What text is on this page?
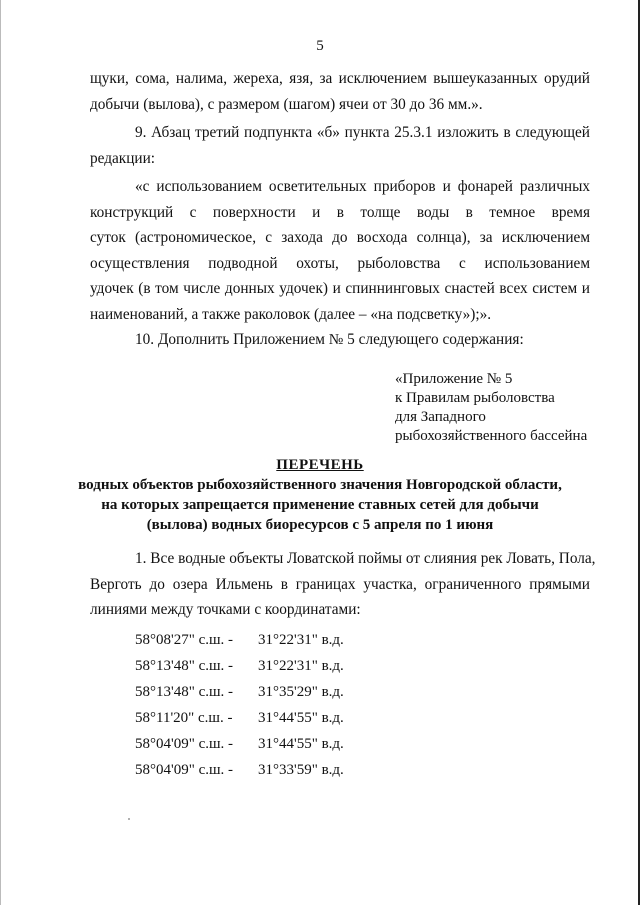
5

щуки, сома, налима, жереха, язя, за исключением вышеуказанных орудий

добычи (вылова), с размером (шагом) ячеи от 30 до 36 мм.».

9. Абзац третий подпункта «б» пункта 25.3.1 изложить в следующей

редакции:

«с использованием осветительных приборов и фонарей различных

конструкций с поверхности и в толще воды в темное время

суток (астрономическое, с захода до восхода солнца), за исключением

осуществления подводной охоты, рыболовства с использованием

удочек (в том числе донных удочек) и спиннинговых снастей всех систем и

наименований, а также раколовок (далее – «на подсветку»);».

10. Дополнить Приложением № 5 следующего содержания:

«Приложение № 5
к Правилам рыболовства
для Западного
рыбохозяйственного бассейна
ПЕРЕЧЕНЬ
водных объектов рыбохозяйственного значения Новгородской области,
на которых запрещается применение ставных сетей для добычи
(вылова) водных биоресурсов с 5 апреля по 1 июня

1. Все водные объекты Ловатской поймы от слияния рек Ловать, Пола,

Верготь до озера Ильмень в границах участка, ограниченного прямыми

линиями между точками с координатами:

58°08'27" с.ш. - 31°22'31" в.д.
58°13'48" с.ш. - 31°22'31" в.д.
58°13'48" с.ш. - 31°35'29" в.д.
58°11'20" с.ш. - 31°44'55" в.д.
58°04'09" с.ш. - 31°44'55" в.д.
58°04'09" с.ш. - 31°33'59" в.д.
